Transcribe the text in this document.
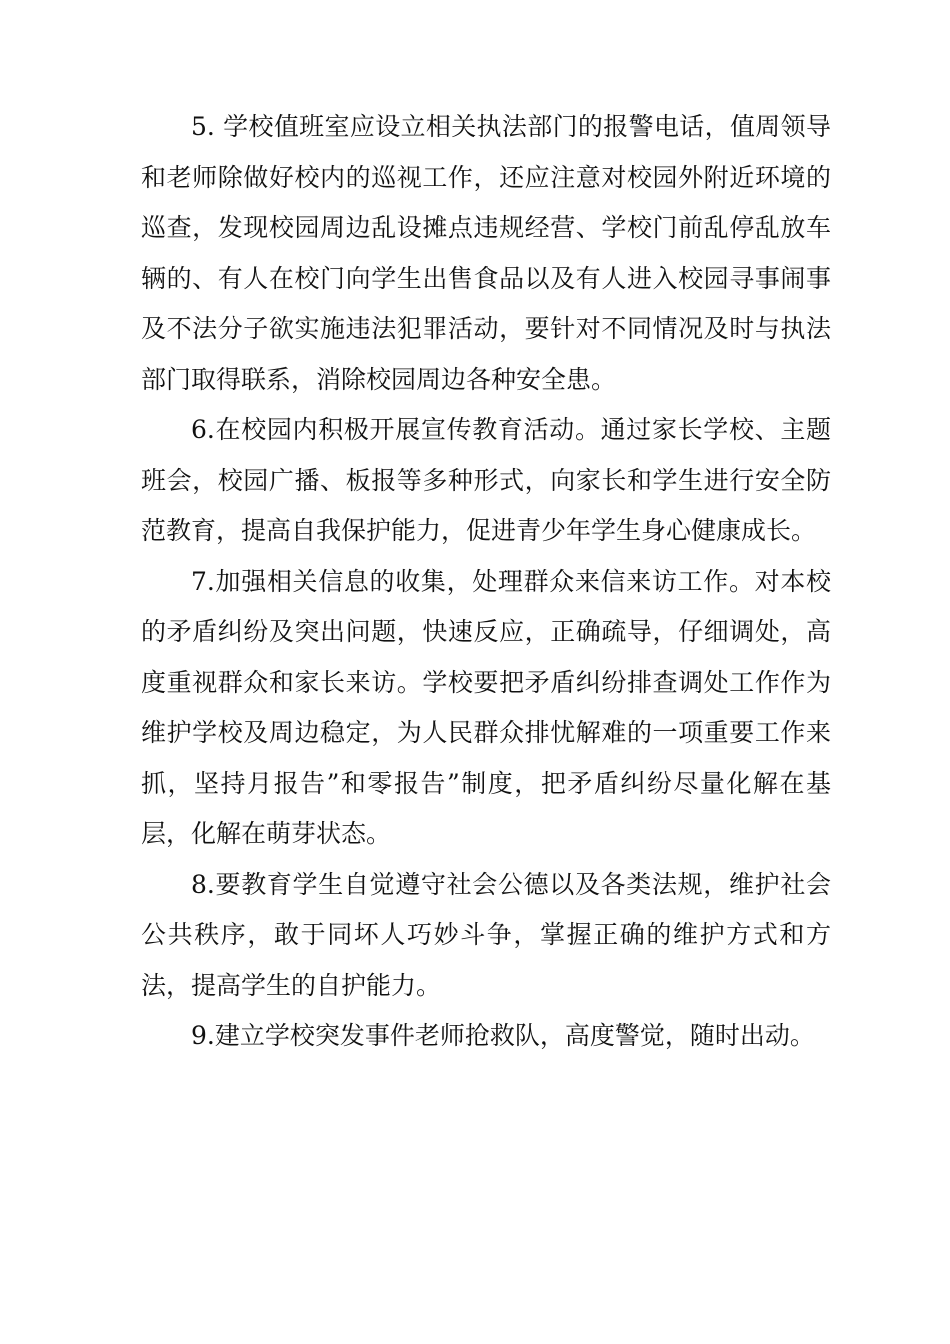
5. 学校值班室应设立相关执法部门的报警电话，值周领导和老师除做好校内的巡视工作，还应注意对校园外附近环境的巡查，发现校园周边乱设摊点违规经营、学校门前乱停乱放车辆的、有人在校门向学生出售食品以及有人进入校园寻事闹事及不法分子欲实施违法犯罪活动，要针对不同情况及时与执法部门取得联系，消除校园周边各种安全患。

6.在校园内积极开展宣传教育活动。通过家长学校、主题班会，校园广播、板报等多种形式，向家长和学生进行安全防范教育，提高自我保护能力，促进青少年学生身心健康成长。

7.加强相关信息的收集，处理群众来信来访工作。对本校的矛盾纠纷及突出问题，快速反应，正确疏导，仔细调处，高度重视群众和家长来访。学校要把矛盾纠纷排查调处工作作为维护学校及周边稳定，为人民群众排忧解难的一项重要工作来抓，坚持月报告”和零报告”制度，把矛盾纠纷尽量化解在基层，化解在萌芽状态。

8.要教育学生自觉遵守社会公德以及各类法规，维护社会公共秩序，敢于同坏人巧妙斗争，掌握正确的维护方式和方法，提高学生的自护能力。

9.建立学校突发事件老师抢救队，高度警觉，随时出动。
